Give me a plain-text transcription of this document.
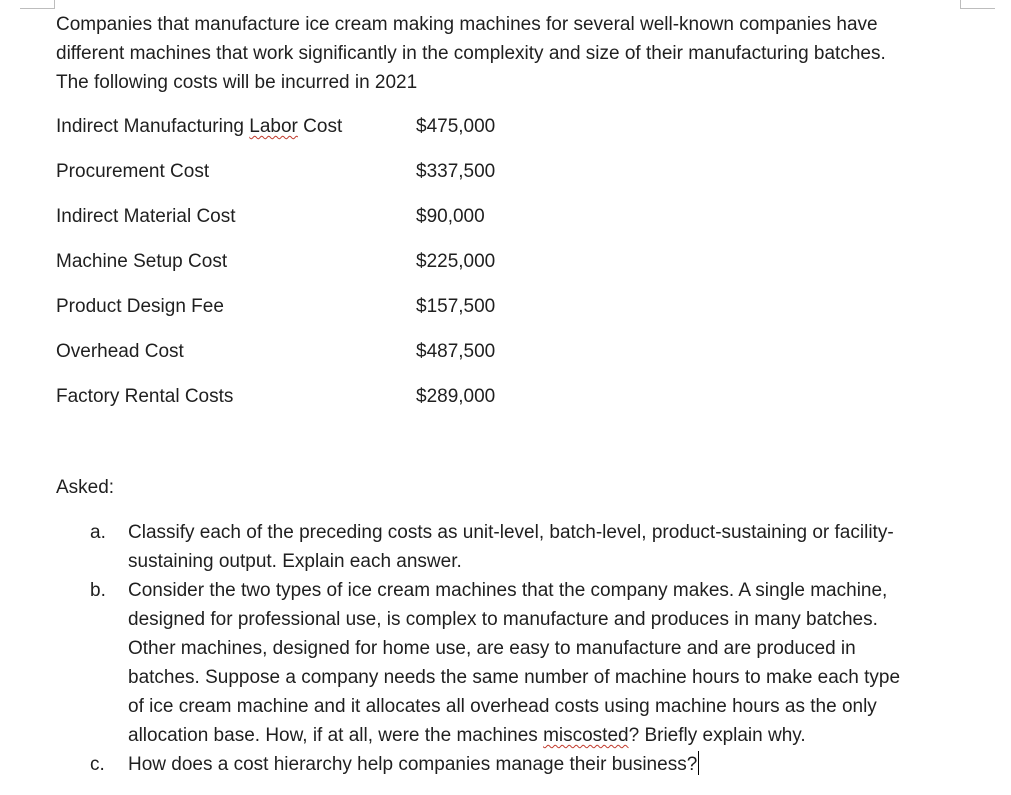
Companies that manufacture ice cream making machines for several well-known companies have
different machines that work significantly in the complexity and size of their manufacturing batches.
The following costs will be incurred in 2021

Indirect Manufacturing Labor Cost	$475,000
Procurement Cost	$337,500
Indirect Material Cost	$90,000
Machine Setup Cost	$225,000
Product Design Fee	$157,500
Overhead Cost	$487,500
Factory Rental Costs	$289,000
Asked:
a.	Classify each of the preceding costs as unit-level, batch-level, product-sustaining or facility-
sustaining output. Explain each answer.
b.	Consider the two types of ice cream machines that the company makes. A single machine,
designed for professional use, is complex to manufacture and produces in many batches.
Other machines, designed for home use, are easy to manufacture and are produced in
batches. Suppose a company needs the same number of machine hours to make each type
of ice cream machine and it allocates all overhead costs using machine hours as the only
allocation base. How, if at all, were the machines miscosted? Briefly explain why.
c.	How does a cost hierarchy help companies manage their business?
